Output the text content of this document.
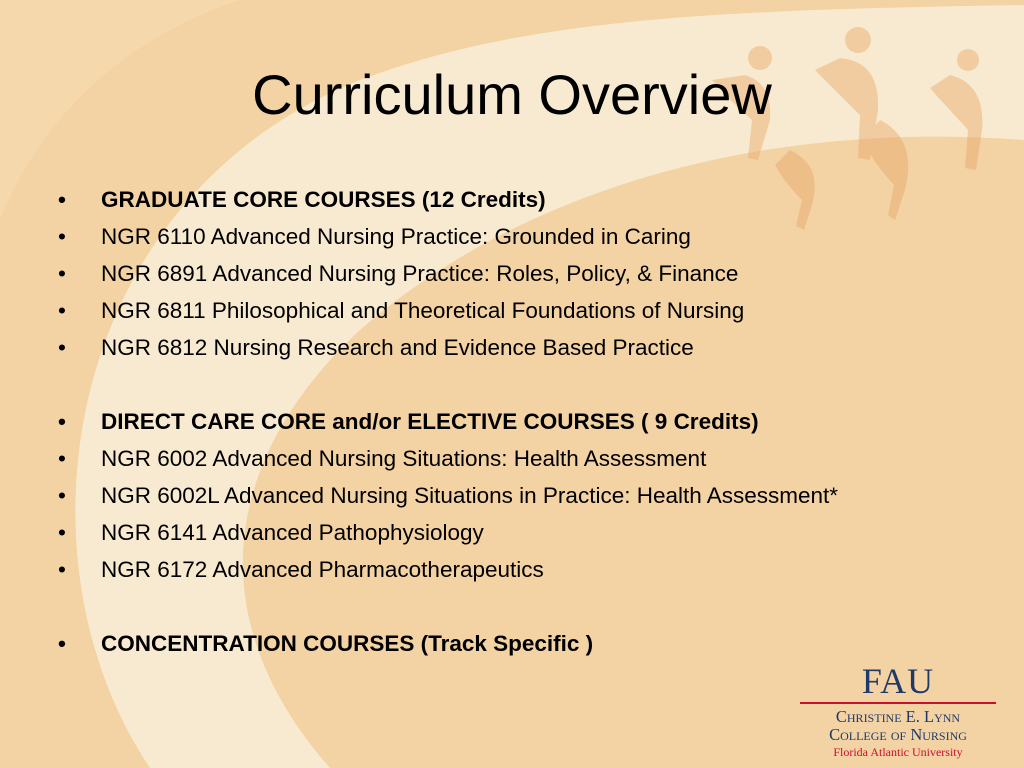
Curriculum Overview
• GRADUATE CORE COURSES (12 Credits)
• NGR 6110 Advanced Nursing Practice: Grounded in Caring
• NGR 6891 Advanced Nursing Practice: Roles, Policy, & Finance
• NGR 6811 Philosophical and Theoretical Foundations of Nursing
• NGR 6812 Nursing Research and Evidence Based Practice
• DIRECT CARE CORE and/or ELECTIVE COURSES ( 9 Credits)
• NGR 6002 Advanced Nursing Situations: Health Assessment
• NGR 6002L Advanced Nursing Situations in Practice: Health Assessment*
• NGR 6141 Advanced Pathophysiology
• NGR 6172 Advanced Pharmacotherapeutics
• CONCENTRATION COURSES (Track Specific )
FAU
Christine E. Lynn
College of Nursing
Florida Atlantic University
